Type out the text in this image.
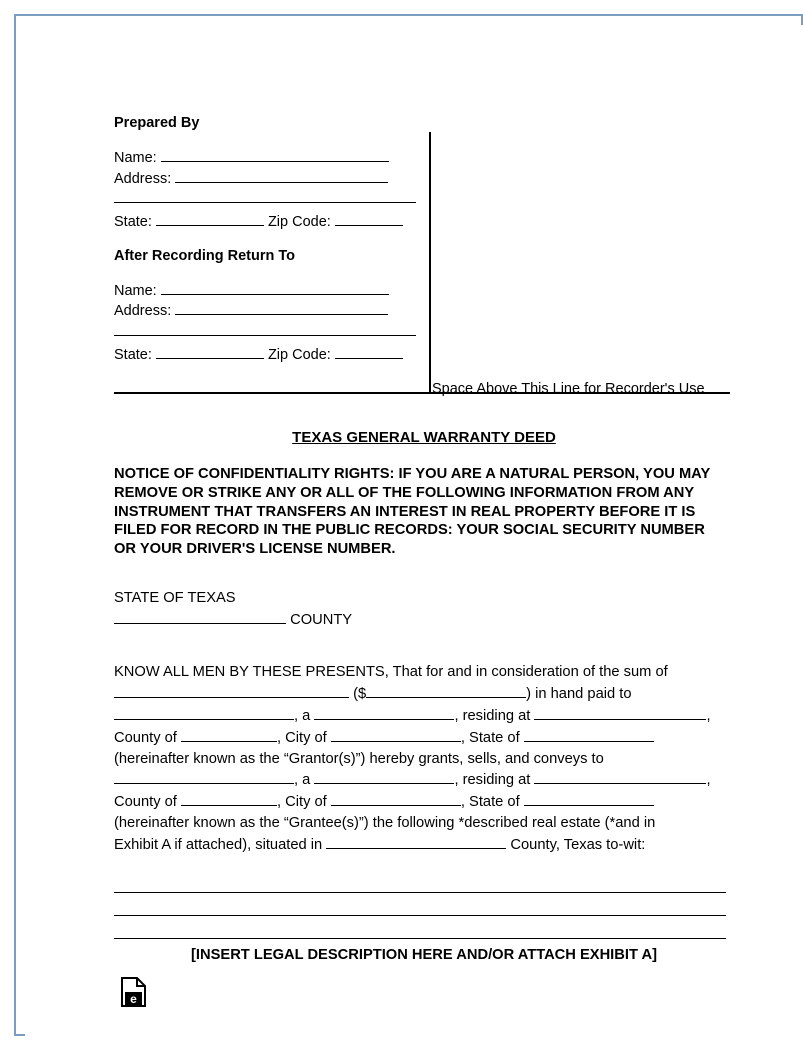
Prepared By
Name:
Address:
State:	Zip Code:
After Recording Return To
Name:
Address:
State:	Zip Code:
Space Above This Line for Recorder's Use
TEXAS GENERAL WARRANTY DEED
NOTICE OF CONFIDENTIALITY RIGHTS: IF YOU ARE A NATURAL PERSON, YOU MAY REMOVE OR STRIKE ANY OR ALL OF THE FOLLOWING INFORMATION FROM ANY INSTRUMENT THAT TRANSFERS AN INTEREST IN REAL PROPERTY BEFORE IT IS FILED FOR RECORD IN THE PUBLIC RECORDS: YOUR SOCIAL SECURITY NUMBER OR YOUR DRIVER'S LICENSE NUMBER.
STATE OF TEXAS
COUNTY
KNOW ALL MEN BY THESE PRESENTS, That for and in consideration of the sum of
($	) in hand paid to
, a	, residing at	,
County of	, City of	, State of
(hereinafter known as the “Grantor(s)”) hereby grants, sells, and conveys to
, a	, residing at	,
County of	, City of	, State of
(hereinafter known as the “Grantee(s)”) the following *described real estate (*and in
Exhibit A if attached), situated in	County, Texas to-wit:
[INSERT LEGAL DESCRIPTION HERE AND/OR ATTACH EXHIBIT A]
e
